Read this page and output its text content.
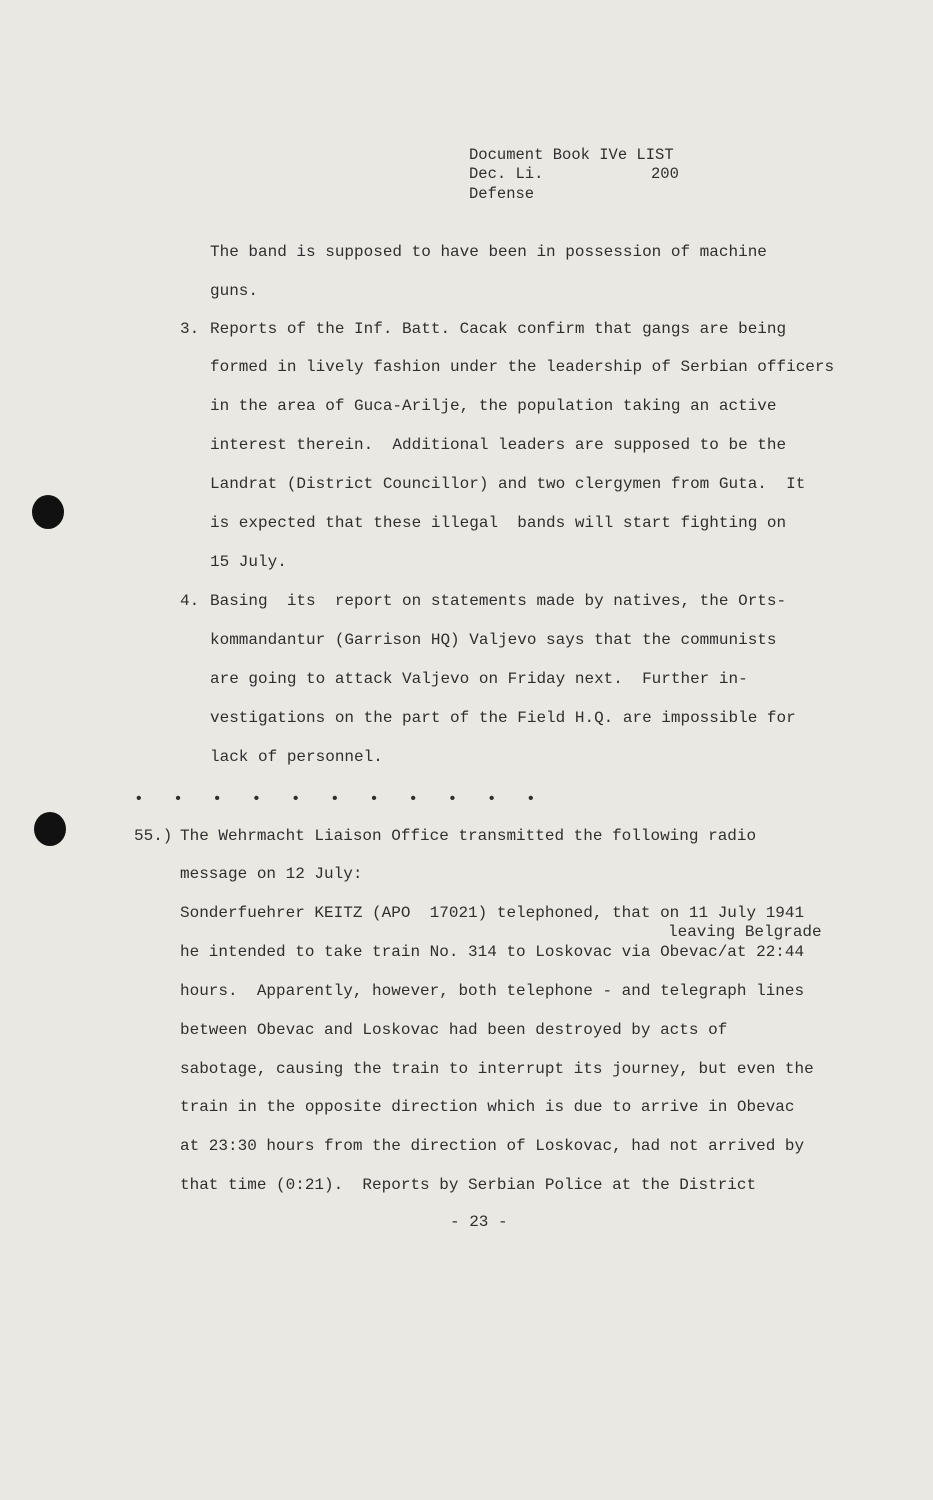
Document Book IVe LIST
Dec. Li.	200
Defense
The band is supposed to have been in possession of machine
guns.
3. Reports of the Inf. Batt. Cacak confirm that gangs are being
formed in lively fashion under the leadership of Serbian officers
in the area of Guca-Arilje, the population taking an active
interest therein.  Additional leaders are supposed to be the
Landrat (District Councillor) and two clergymen from Guta.  It
is expected that these illegal  bands will start fighting on
15 July.
4. Basing  its  report on statements made by natives, the Orts-
kommandantur (Garrison HQ) Valjevo says that the communists
are going to attack Valjevo on Friday next.  Further in-
vestigations on the part of the Field H.Q. are impossible for
lack of personnel.
• • • • • • • • • • •
55.) The Wehrmacht Liaison Office transmitted the following radio
message on 12 July:
Sonderfuehrer KEITZ (APO  17021) telephoned, that on 11 July 1941
leaving Belgrade
he intended to take train No. 314 to Loskovac via Obevac/at 22:44
hours.  Apparently, however, both telephone - and telegraph lines
between Obevac and Loskovac had been destroyed by acts of
sabotage, causing the train to interrupt its journey, but even the
train in the opposite direction which is due to arrive in Obevac
at 23:30 hours from the direction of Loskovac, had not arrived by
that time (0:21).  Reports by Serbian Police at the District
- 23 -
